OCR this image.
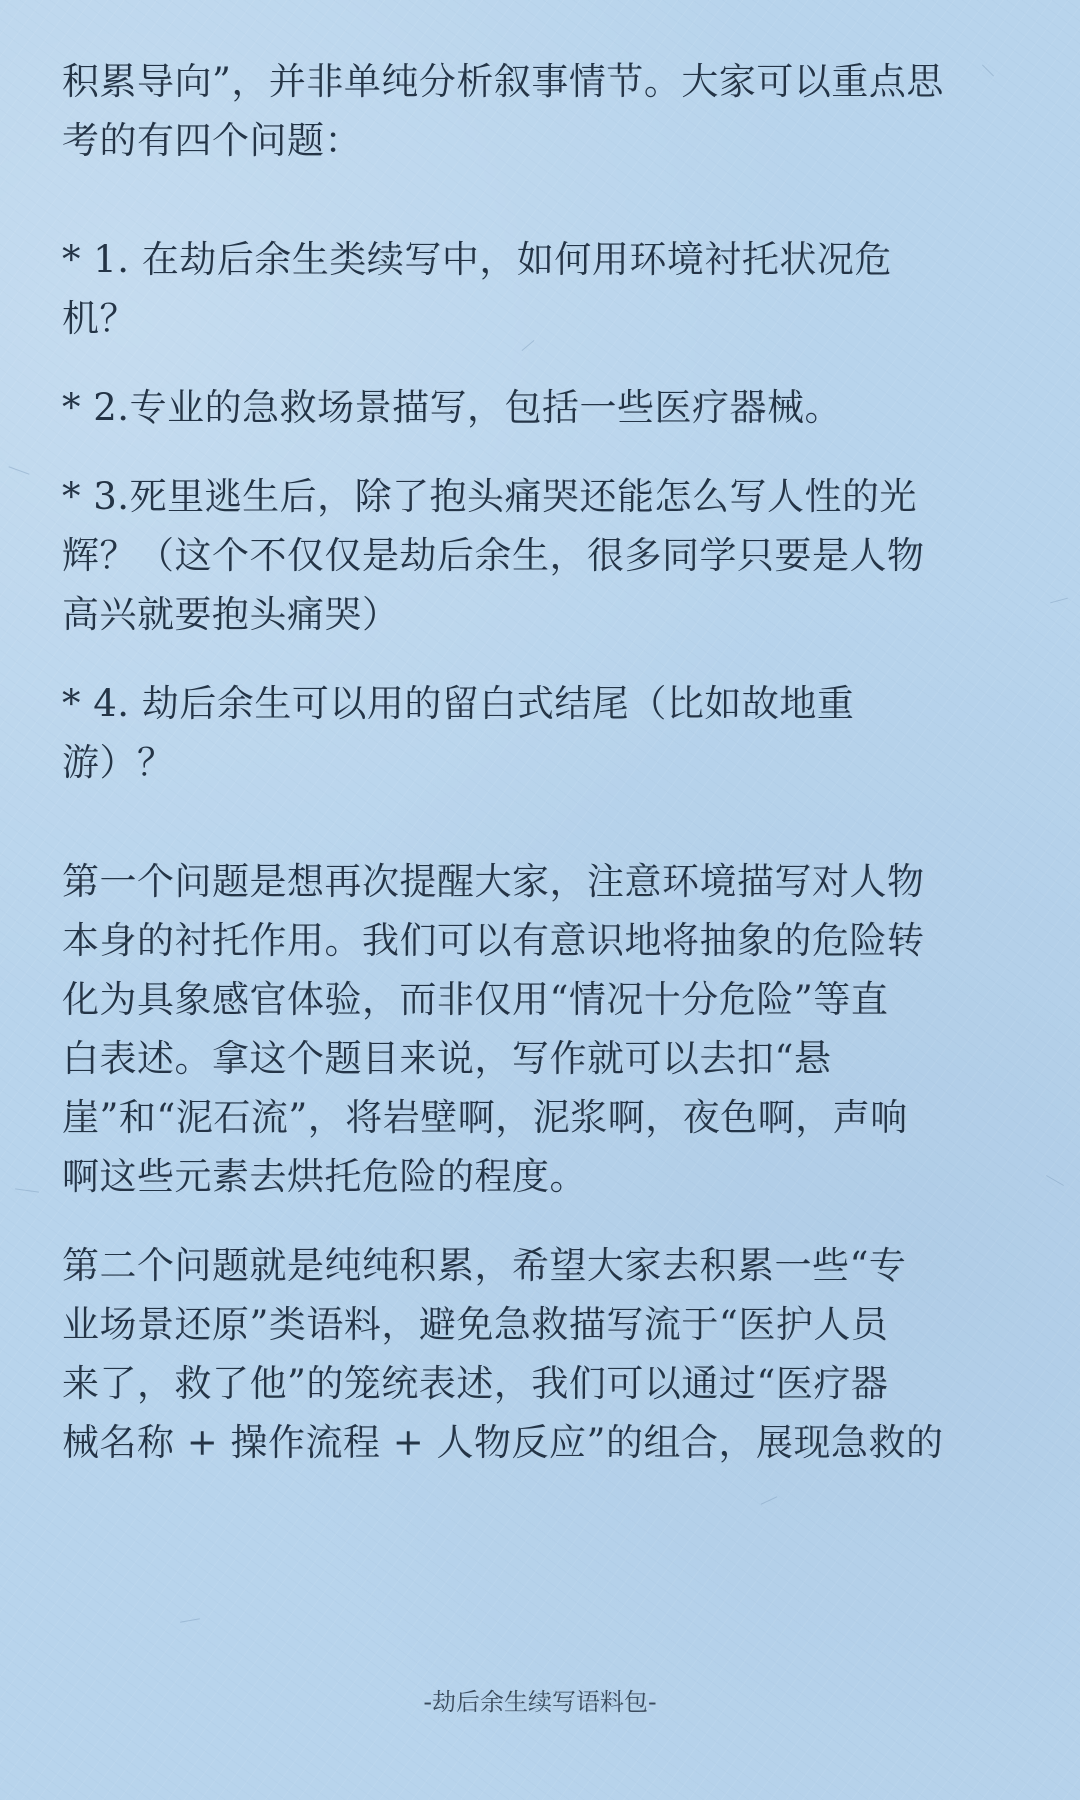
积累导向”，并非单纯分析叙事情节。大家可以重点思
考的有四个问题：

* 1. 在劫后余生类续写中，如何用环境衬托状况危
机？

* 2.专业的急救场景描写，包括一些医疗器械。

* 3.死里逃生后，除了抱头痛哭还能怎么写人性的光
辉？（这个不仅仅是劫后余生，很多同学只要是人物
高兴就要抱头痛哭）

* 4. 劫后余生可以用的留白式结尾（比如故地重
游）？

第一个问题是想再次提醒大家，注意环境描写对人物
本身的衬托作用。我们可以有意识地将抽象的危险转
化为具象感官体验，而非仅用“情况十分危险”等直
白表述。拿这个题目来说，写作就可以去扣“悬
崖”和“泥石流”，将岩壁啊，泥浆啊，夜色啊，声响
啊这些元素去烘托危险的程度。

第二个问题就是纯纯积累，希望大家去积累一些“专
业场景还原”类语料，避免急救描写流于“医护人员
来了，救了他”的笼统表述，我们可以通过“医疗器
械名称 + 操作流程 + 人物反应”的组合，展现急救的

-劫后余生续写语料包-
